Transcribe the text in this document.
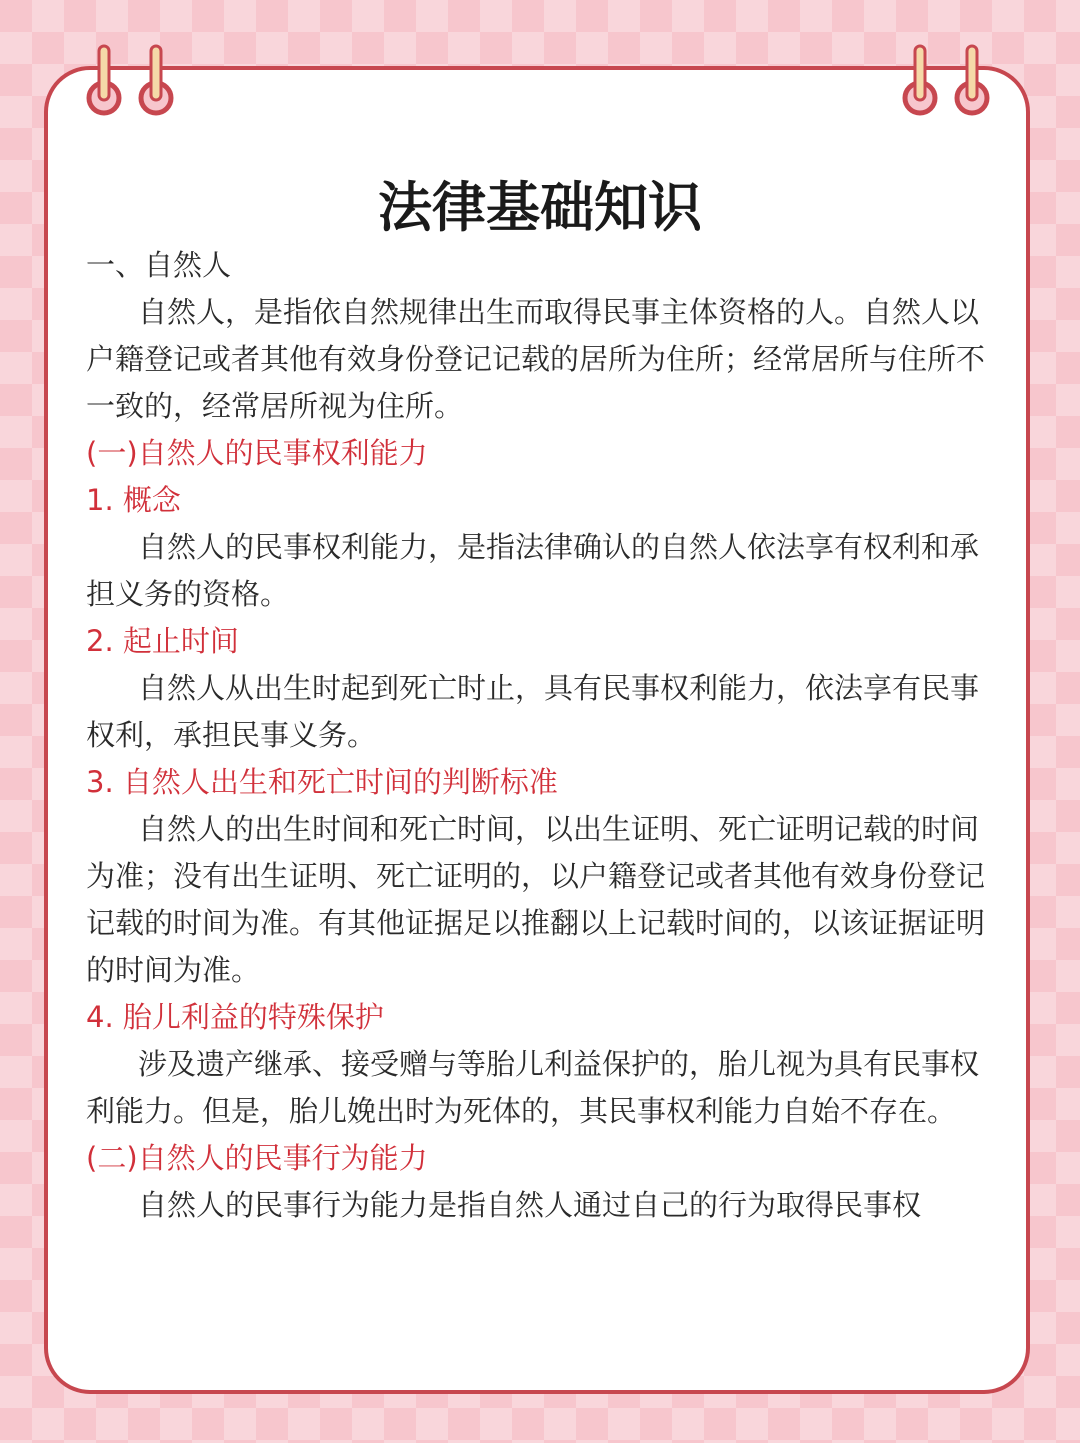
法律基础知识

一、自然人

自然人，是指依自然规律出生而取得民事主体资格的人。自然人以户籍登记或者其他有效身份登记记载的居所为住所；经常居所与住所不一致的，经常居所视为住所。

(一)自然人的民事权利能力

1. 概念

自然人的民事权利能力，是指法律确认的自然人依法享有权利和承担义务的资格。

2. 起止时间

自然人从出生时起到死亡时止，具有民事权利能力，依法享有民事权利，承担民事义务。

3. 自然人出生和死亡时间的判断标准

自然人的出生时间和死亡时间，以出生证明、死亡证明记载的时间为准；没有出生证明、死亡证明的，以户籍登记或者其他有效身份登记记载的时间为准。有其他证据足以推翻以上记载时间的，以该证据证明的时间为准。

4. 胎儿利益的特殊保护

涉及遗产继承、接受赠与等胎儿利益保护的，胎儿视为具有民事权利能力。但是，胎儿娩出时为死体的，其民事权利能力自始不存在。

(二)自然人的民事行为能力

自然人的民事行为能力是指自然人通过自己的行为取得民事权
